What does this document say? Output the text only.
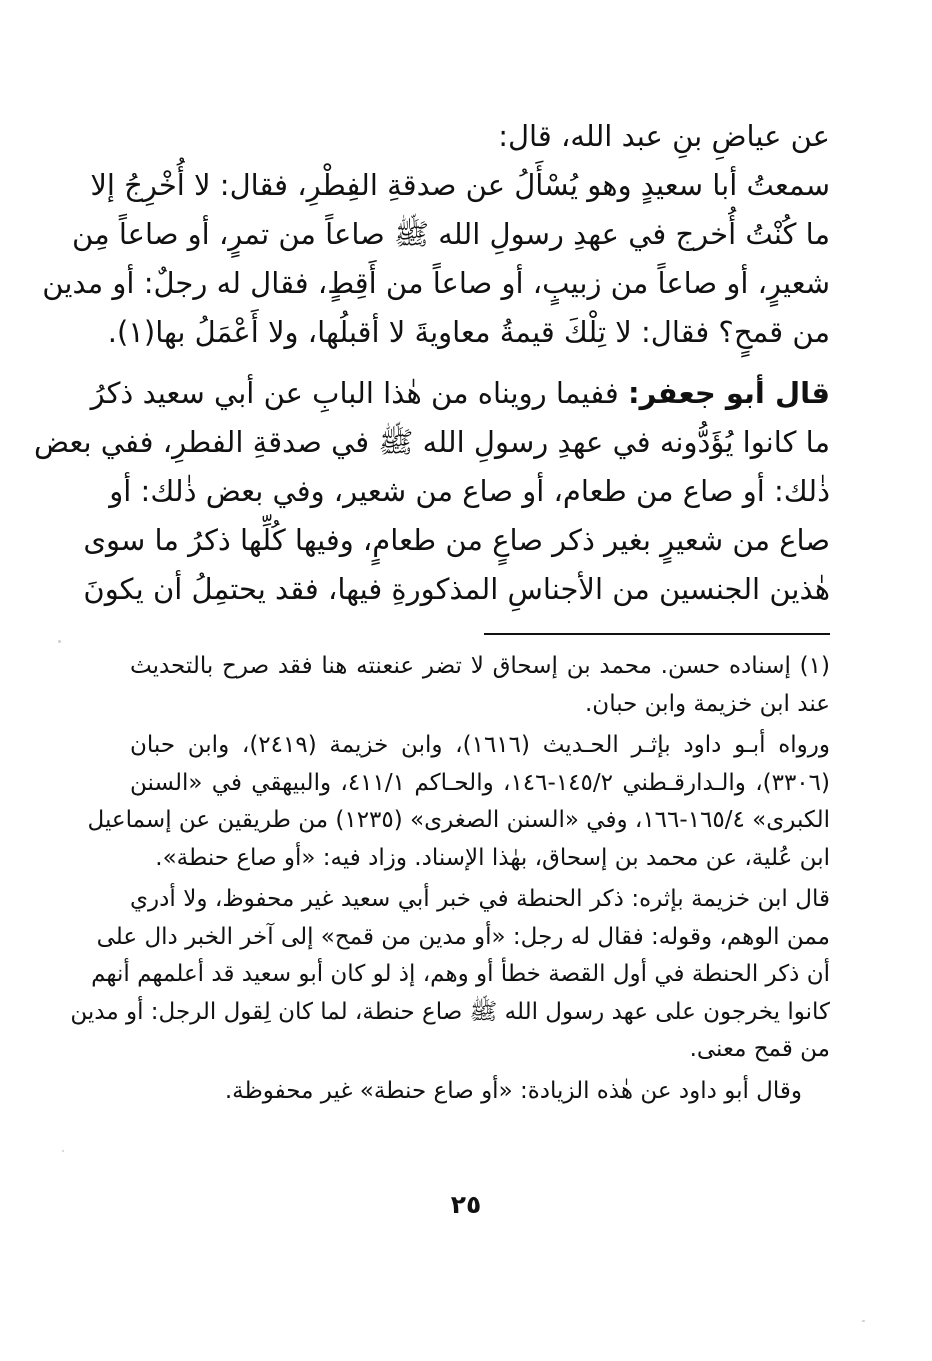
عن عياضِ بنِ عبد الله، قال:
سمعتُ أبا سعيدٍ وهو يُسْأَلُ عن صدقةِ الفِطْرِ، فقال: لا أُخْرِجُ إلا
ما كُنْتُ أُخرج في عهدِ رسولِ الله ﷺ صاعاً من تمرٍ، أو صاعاً مِن
شعيرٍ، أو صاعاً من زبيبٍ، أو صاعاً من أَقِطٍ، فقال له رجلٌ: أو مدين
من قمحٍ؟ فقال: لا تِلْكَ قيمةُ معاويةَ لا أقبلُها، ولا أَعْمَلُ بها(١).

قال أبو جعفر: ففيما رويناه من هٰذا البابِ عن أبي سعيد ذكرُ
ما كانوا يُؤَدُّونه في عهدِ رسولِ الله ﷺ في صدقةِ الفطرِ، ففي بعض
ذٰلك: أو صاع من طعام، أو صاع من شعير، وفي بعض ذٰلك: أو
صاع من شعيرٍ بغير ذكر صاعٍ من طعامٍ، وفيها كُلِّها ذكرُ ما سوى
هٰذين الجنسين من الأجناسِ المذكورةِ فيها، فقد يحتمِلُ أن يكونَ

(١) إسناده حسن. محمد بن إسحاق لا تضر عنعنته هنا فقد صرح بالتحديث
عند ابن خزيمة وابن حبان.
ورواه أبـو داود بإثـر الحـديث (١٦١٦)، وابن خزيمة (٢٤١٩)، وابن حبان
(٣٣٠٦)، والـدارقـطني ١٤٥/٢-١٤٦، والحـاكم ٤١١/١، والبيهقي في «السنن
الكبرى» ١٦٥/٤-١٦٦، وفي «السنن الصغرى» (١٢٣٥) من طريقين عن إسماعيل
ابن عُلية، عن محمد بن إسحاق، بهٰذا الإسناد. وزاد فيه: «أو صاع حنطة».
قال ابن خزيمة بإثره: ذكر الحنطة في خبر أبي سعيد غير محفوظ، ولا أدري
ممن الوهم، وقوله: فقال له رجل: «أو مدين من قمح» إلى آخر الخبر دال على
أن ذكر الحنطة في أول القصة خطأ أو وهم، إذ لو كان أبو سعيد قد أعلمهم أنهم
كانوا يخرجون على عهد رسول الله ﷺ صاع حنطة، لما كان لِقول الرجل: أو مدين
من قمح معنى.
وقال أبو داود عن هٰذه الزيادة: «أو صاع حنطة» غير محفوظة.
٢٥
